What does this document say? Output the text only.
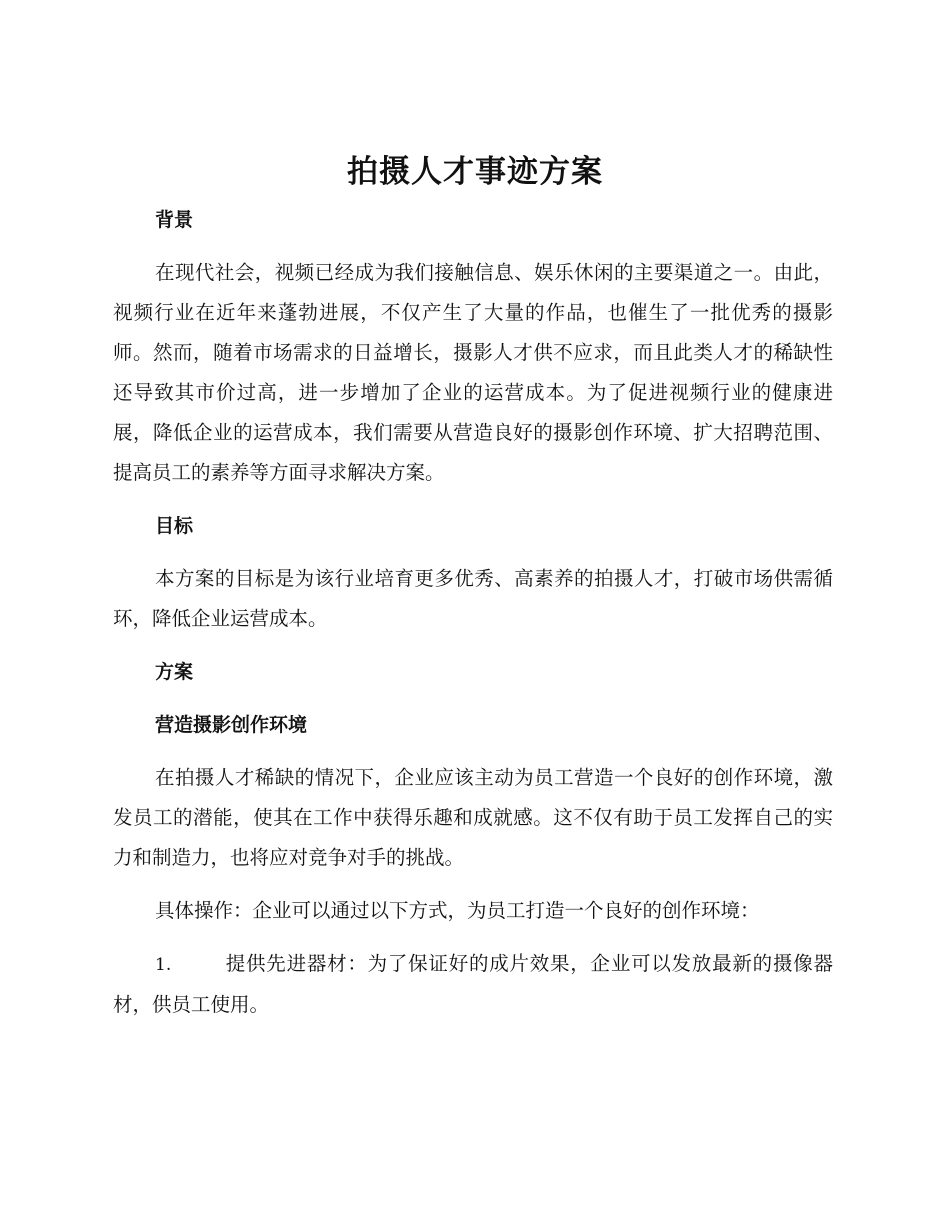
拍摄人才事迹方案

背景

在现代社会，视频已经成为我们接触信息、娱乐休闲的主要渠道之一。由此，视频行业在近年来蓬勃进展，不仅产生了大量的作品，也催生了一批优秀的摄影师。然而，随着市场需求的日益增长，摄影人才供不应求，而且此类人才的稀缺性还导致其市价过高，进一步增加了企业的运营成本。为了促进视频行业的健康进展，降低企业的运营成本，我们需要从营造良好的摄影创作环境、扩大招聘范围、提高员工的素养等方面寻求解决方案。

目标

本方案的目标是为该行业培育更多优秀、高素养的拍摄人才，打破市场供需循环，降低企业运营成本。

方案

营造摄影创作环境

在拍摄人才稀缺的情况下，企业应该主动为员工营造一个良好的创作环境，激发员工的潜能，使其在工作中获得乐趣和成就感。这不仅有助于员工发挥自己的实力和制造力，也将应对竞争对手的挑战。

具体操作：企业可以通过以下方式，为员工打造一个良好的创作环境：

1.	提供先进器材：为了保证好的成片效果，企业可以发放最新的摄像器材，供员工使用。
